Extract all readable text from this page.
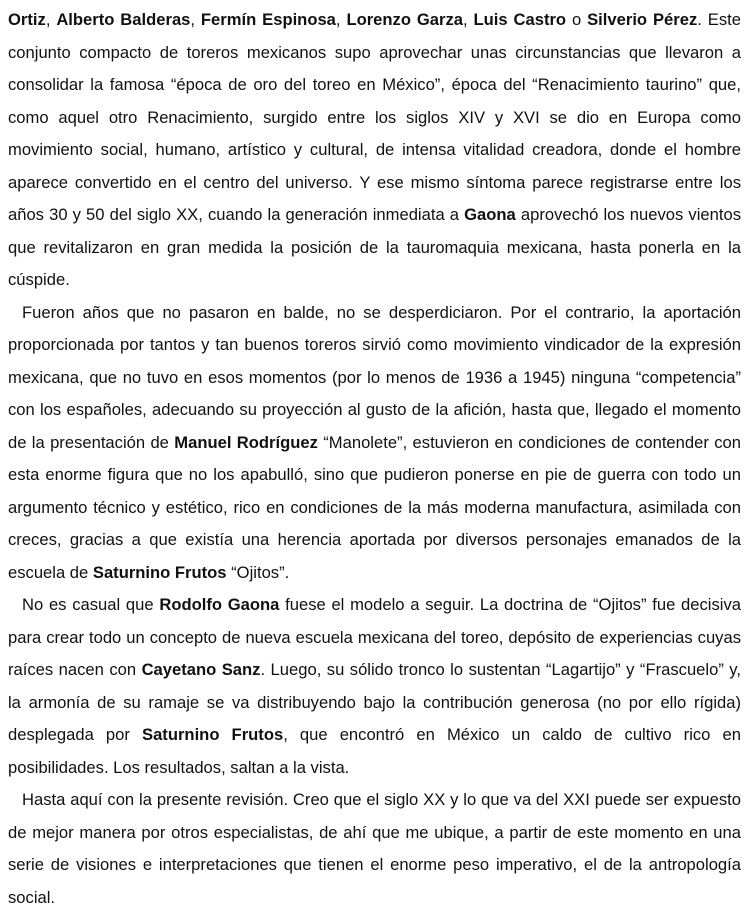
Ortiz, Alberto Balderas, Fermín Espinosa, Lorenzo Garza, Luis Castro o Silverio Pérez. Este conjunto compacto de toreros mexicanos supo aprovechar unas circunstancias que llevaron a consolidar la famosa “época de oro del toreo en México”, época del “Renacimiento taurino” que, como aquel otro Renacimiento, surgido entre los siglos XIV y XVI se dio en Europa como movimiento social, humano, artístico y cultural, de intensa vitalidad creadora, donde el hombre aparece convertido en el centro del universo. Y ese mismo síntoma parece registrarse entre los años 30 y 50 del siglo XX, cuando la generación inmediata a Gaona aprovechó los nuevos vientos que revitalizaron en gran medida la posición de la tauromaquia mexicana, hasta ponerla en la cúspide.

Fueron años que no pasaron en balde, no se desperdiciaron. Por el contrario, la aportación proporcionada por tantos y tan buenos toreros sirvió como movimiento vindicador de la expresión mexicana, que no tuvo en esos momentos (por lo menos de 1936 a 1945) ninguna “competencia” con los españoles, adecuando su proyección al gusto de la afición, hasta que, llegado el momento de la presentación de Manuel Rodríguez “Manolete”, estuvieron en condiciones de contender con esta enorme figura que no los apabulló, sino que pudieron ponerse en pie de guerra con todo un argumento técnico y estético, rico en condiciones de la más moderna manufactura, asimilada con creces, gracias a que existía una herencia aportada por diversos personajes emanados de la escuela de Saturnino Frutos “Ojitos”.

No es casual que Rodolfo Gaona fuese el modelo a seguir. La doctrina de “Ojitos” fue decisiva para crear todo un concepto de nueva escuela mexicana del toreo, depósito de experiencias cuyas raíces nacen con Cayetano Sanz. Luego, su sólido tronco lo sustentan “Lagartijo” y “Frascuelo” y, la armonía de su ramaje se va distribuyendo bajo la contribución generosa (no por ello rígida) desplegada por Saturnino Frutos, que encontró en México un caldo de cultivo rico en posibilidades. Los resultados, saltan a la vista.

Hasta aquí con la presente revisión. Creo que el siglo XX y lo que va del XXI puede ser expuesto de mejor manera por otros especialistas, de ahí que me ubique, a partir de este momento en una serie de visiones e interpretaciones que tienen el enorme peso imperativo, el de la antropología social.
